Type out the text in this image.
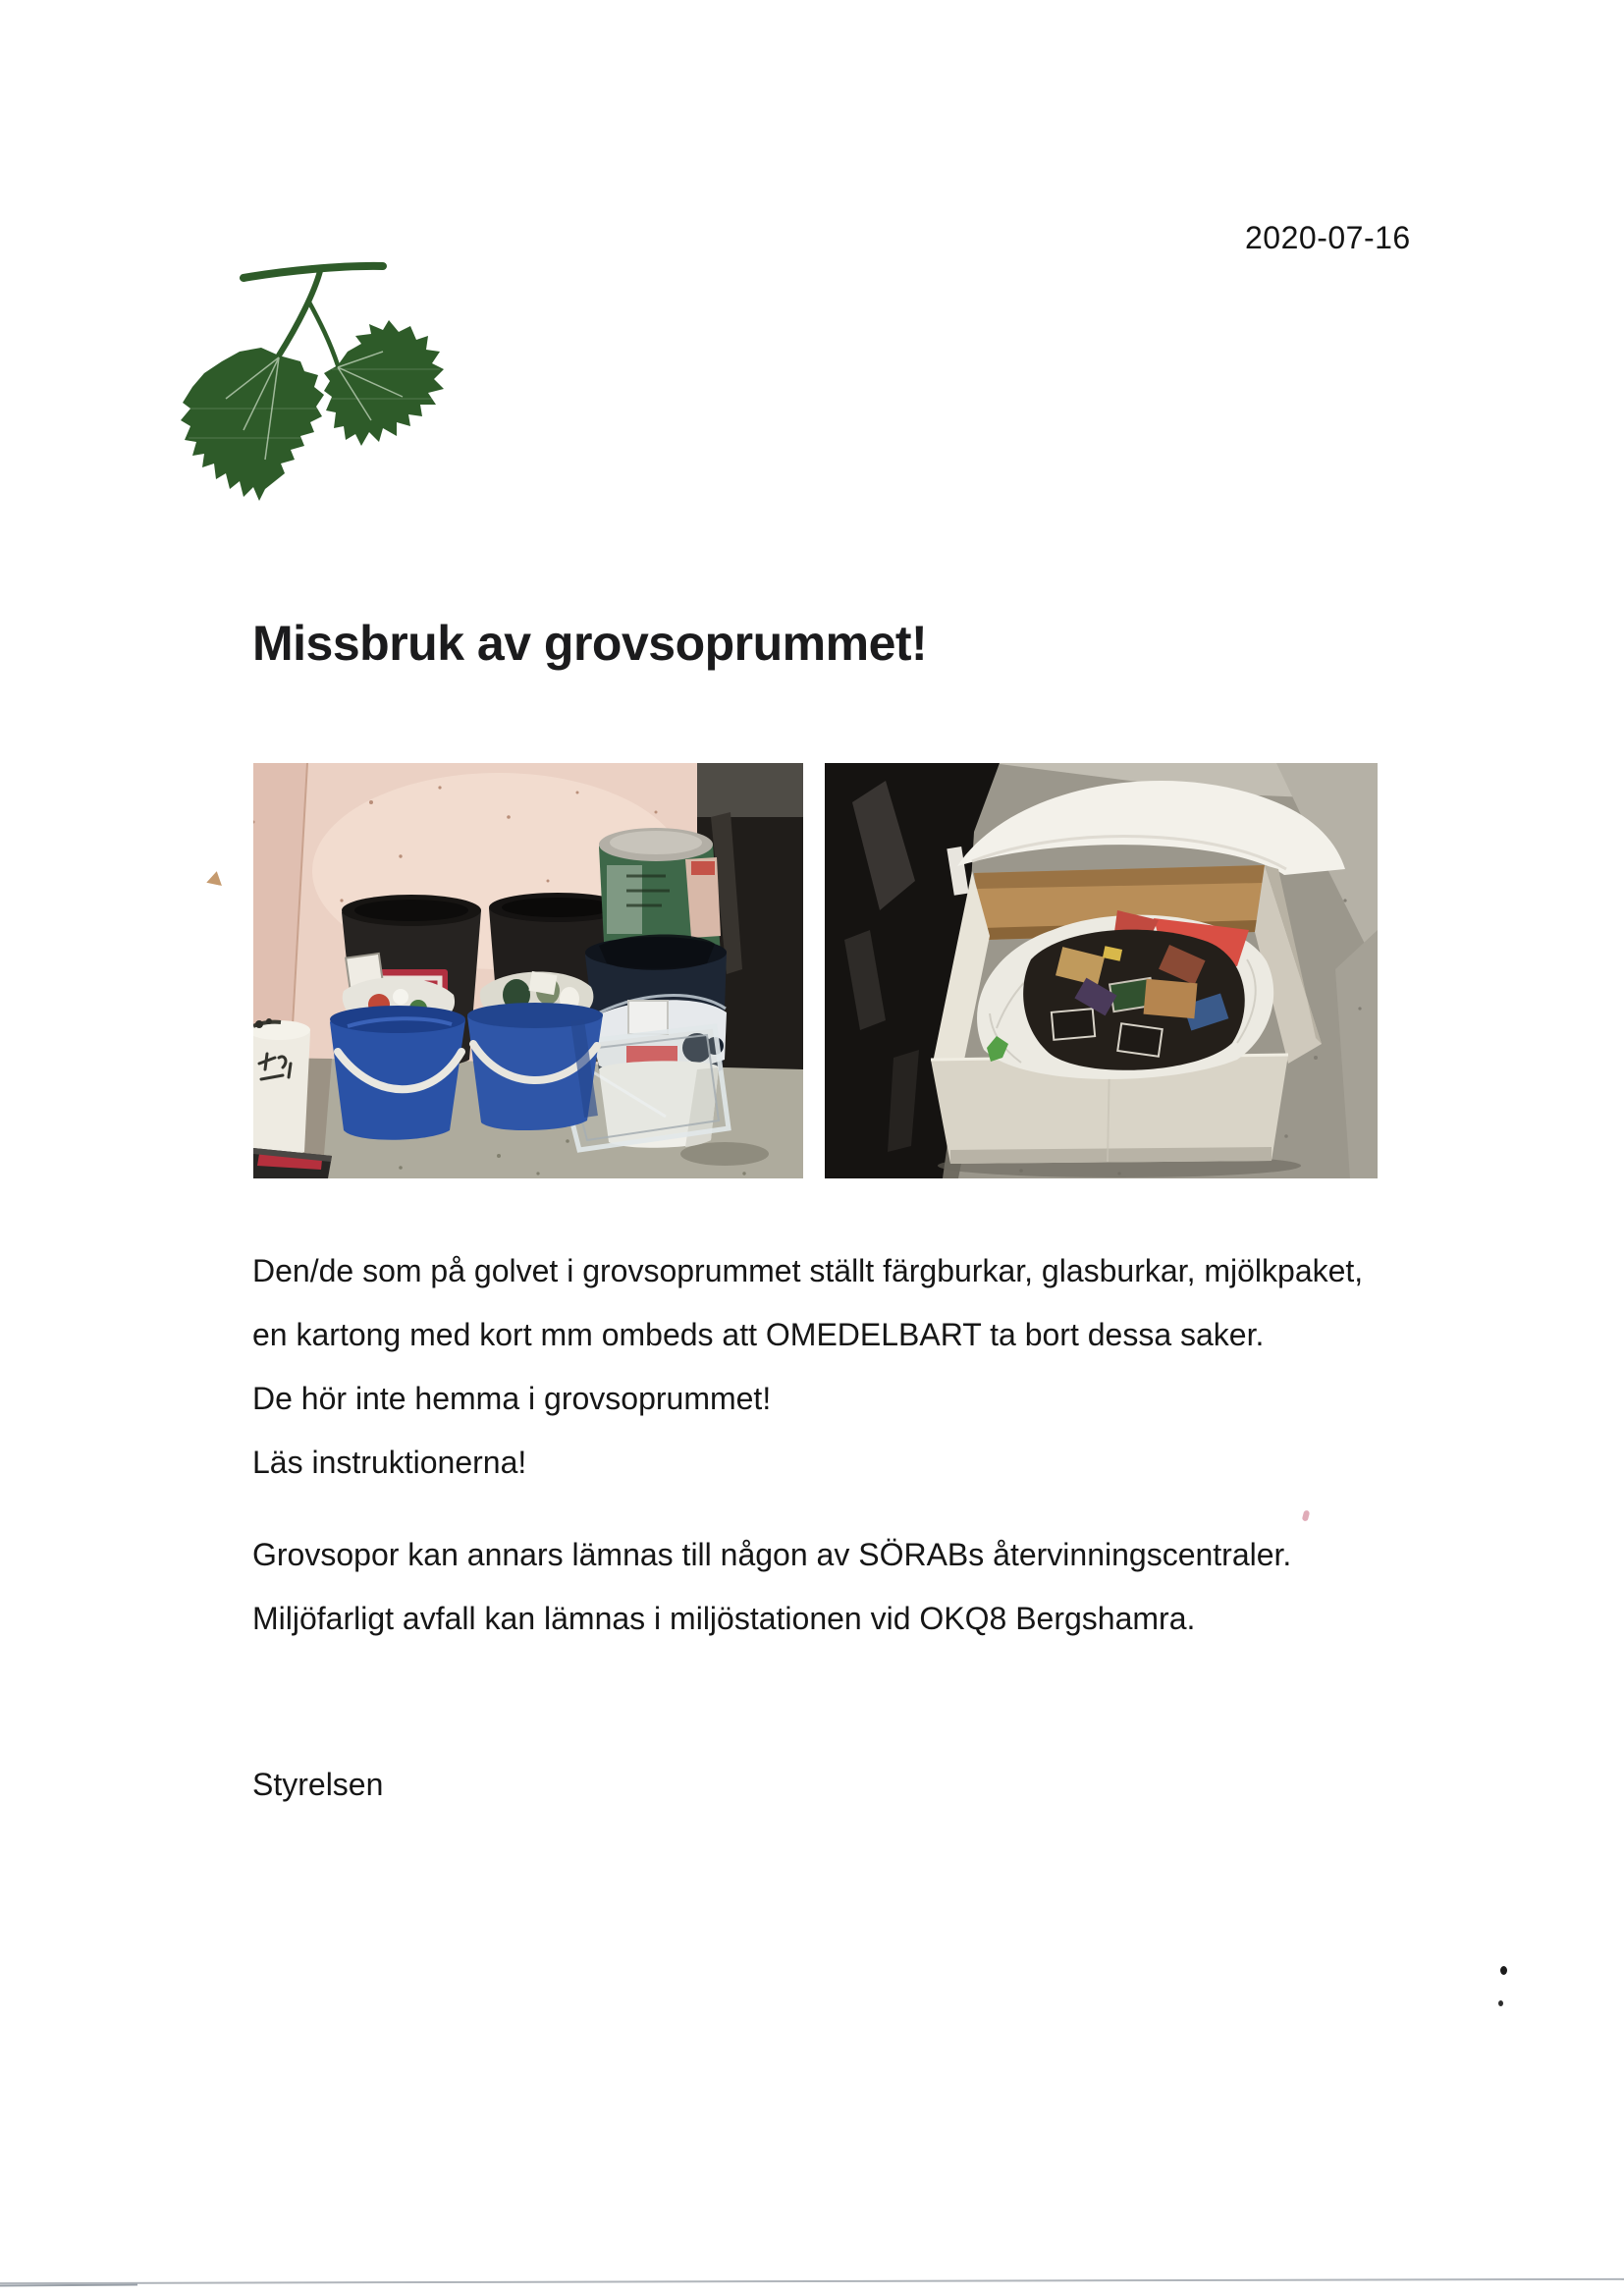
2020-07-16
Missbruk av grovsoprummet!
Den/de som på golvet i grovsoprummet ställt färgburkar, glasburkar, mjölkpaket,
en kartong med kort mm ombeds att OMEDELBART ta bort dessa saker.
De hör inte hemma i grovsoprummet!
Läs instruktionerna!
Grovsopor kan annars lämnas till någon av SÖRABs återvinningscentraler.
Miljöfarligt avfall kan lämnas i miljöstationen vid OKQ8 Bergshamra.
Styrelsen
